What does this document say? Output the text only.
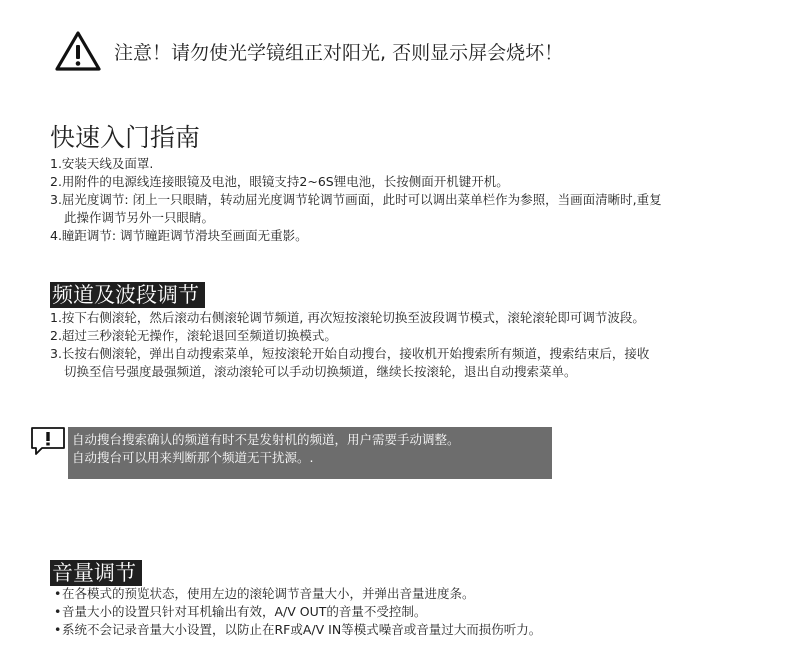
注意！请勿使光学镜组正对阳光, 否则显示屏会烧坏！
快速入门指南
1.安装天线及面罩.
2.用附件的电源线连接眼镜及电池，眼镜支持2~6S锂电池，长按侧面开机键开机。
3.屈光度调节: 闭上一只眼睛，转动屈光度调节轮调节画面，此时可以调出菜单栏作为参照，当画面清晰时,重复
此操作调节另外一只眼睛。
4.瞳距调节: 调节瞳距调节滑块至画面无重影。
频道及波段调节
1.按下右侧滚轮，然后滚动右侧滚轮调节频道, 再次短按滚轮切换至波段调节模式，滚轮滚轮即可调节波段。
2.超过三秒滚轮无操作，滚轮退回至频道切换模式。
3.长按右侧滚轮，弹出自动搜索菜单，短按滚轮开始自动搜台，接收机开始搜索所有频道，搜索结束后，接收
切换至信号强度最强频道，滚动滚轮可以手动切换频道，继续长按滚轮，退出自动搜索菜单。
自动搜台搜索确认的频道有时不是发射机的频道，用户需要手动调整。
自动搜台可以用来判断那个频道无干扰源。.
音量调节
• 在各模式的预览状态，使用左边的滚轮调节音量大小，并弹出音量进度条。
• 音量大小的设置只针对耳机输出有效，A/V OUT的音量不受控制。
• 系统不会记录音量大小设置，以防止在RF或A/V IN等模式噪音或音量过大而损伤听力。
